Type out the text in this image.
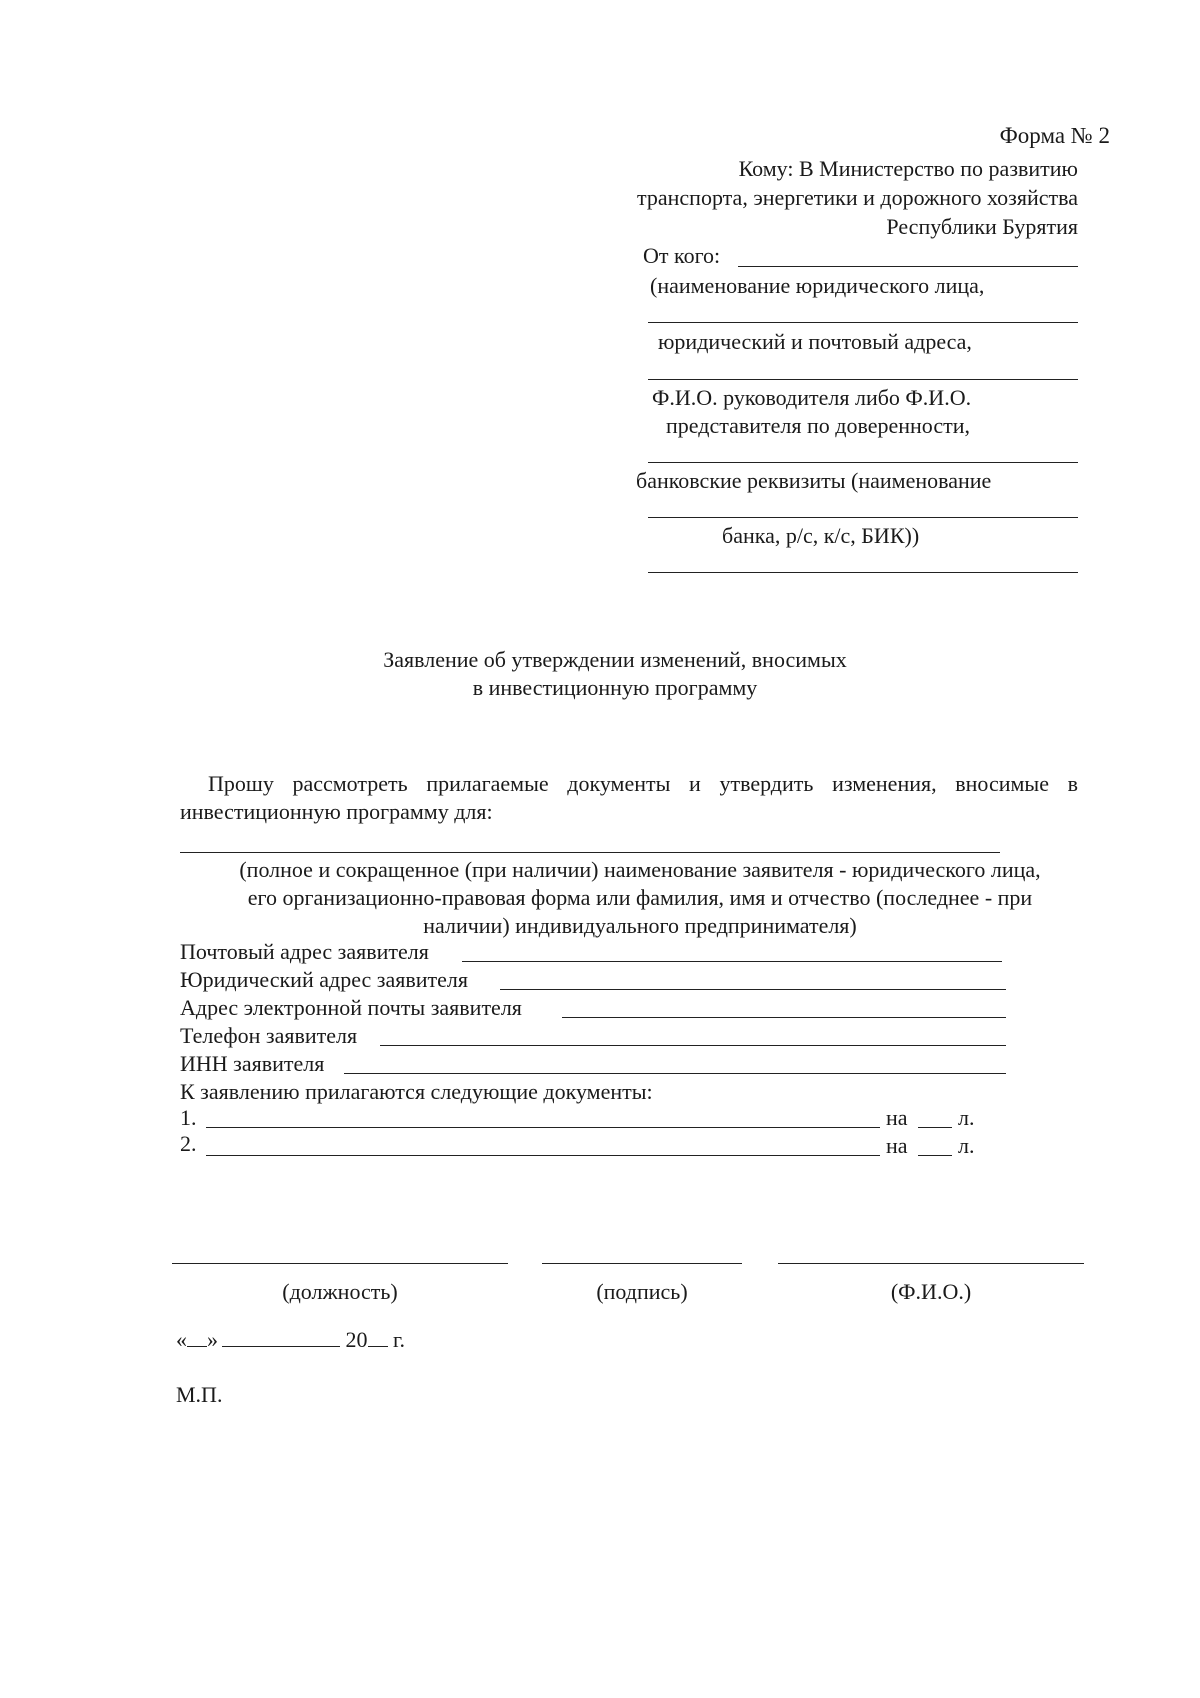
Форма № 2
Кому: В Министерство по развитию
транспорта, энергетики и дорожного хозяйства
Республики Бурятия
От кого:
(наименование юридического лица,
юридический и почтовый адреса,
Ф.И.О. руководителя либо Ф.И.О.
представителя по доверенности,
банковские реквизиты (наименование
банка, р/с, к/с, БИК))
Заявление об утверждении изменений, вносимых
в инвестиционную программу
Прошу рассмотреть прилагаемые документы и утвердить изменения, вносимые в
инвестиционную программу для:
(полное и сокращенное (при наличии) наименование заявителя - юридического лица,
его организационно-правовая форма или фамилия, имя и отчество (последнее - при
наличии) индивидуального предпринимателя)
Почтовый адрес заявителя
Юридический адрес заявителя
Адрес электронной почты заявителя
Телефон заявителя
ИНН заявителя
К заявлению прилагаются следующие документы:
1.	на л.
2.	на л.
(должность)	(подпись)	(Ф.И.О.)
« »	20 г.
М.П.
